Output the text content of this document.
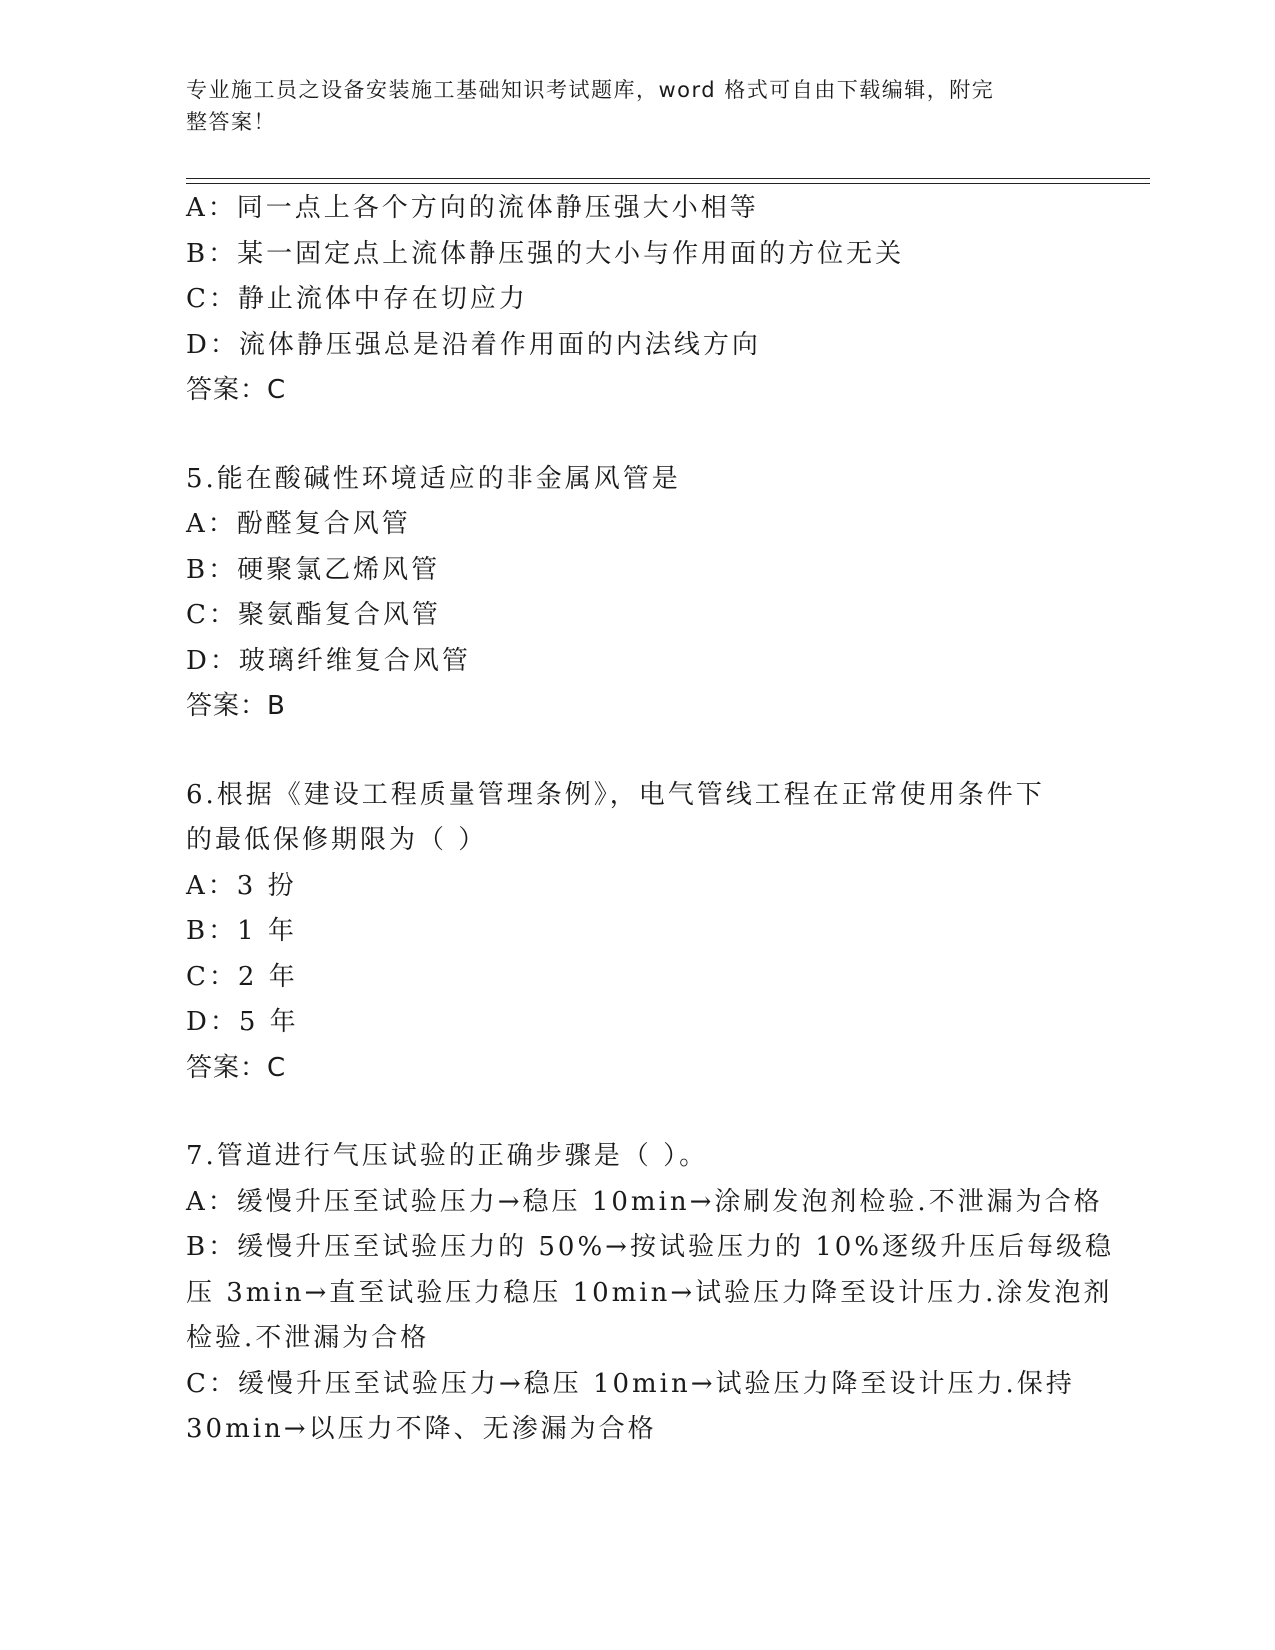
专业施工员之设备安装施工基础知识考试题库，word 格式可自由下载编辑，附完
整答案！
A：同一点上各个方向的流体静压强大小相等
B：某一固定点上流体静压强的大小与作用面的方位无关
C：静止流体中存在切应力
D：流体静压强总是沿着作用面的内法线方向
答案：C
5.能在酸碱性环境适应的非金属风管是
A：酚醛复合风管
B：硬聚氯乙烯风管
C：聚氨酯复合风管
D：玻璃纤维复合风管
答案：B
6.根据《建设工程质量管理条例》，电气管线工程在正常使用条件下
的最低保修期限为（ ）
A：3 扮
B：1 年
C：2 年
D：5 年
答案：C
7.管道进行气压试验的正确步骤是（ ）。
A：缓慢升压至试验压力→稳压 10min→涂刷发泡剂检验.不泄漏为合格
B：缓慢升压至试验压力的 50%→按试验压力的 10%逐级升压后每级稳
压 3min→直至试验压力稳压 10min→试验压力降至设计压力.涂发泡剂
检验.不泄漏为合格
C：缓慢升压至试验压力→稳压 10min→试验压力降至设计压力.保持
30min→以压力不降、无渗漏为合格
